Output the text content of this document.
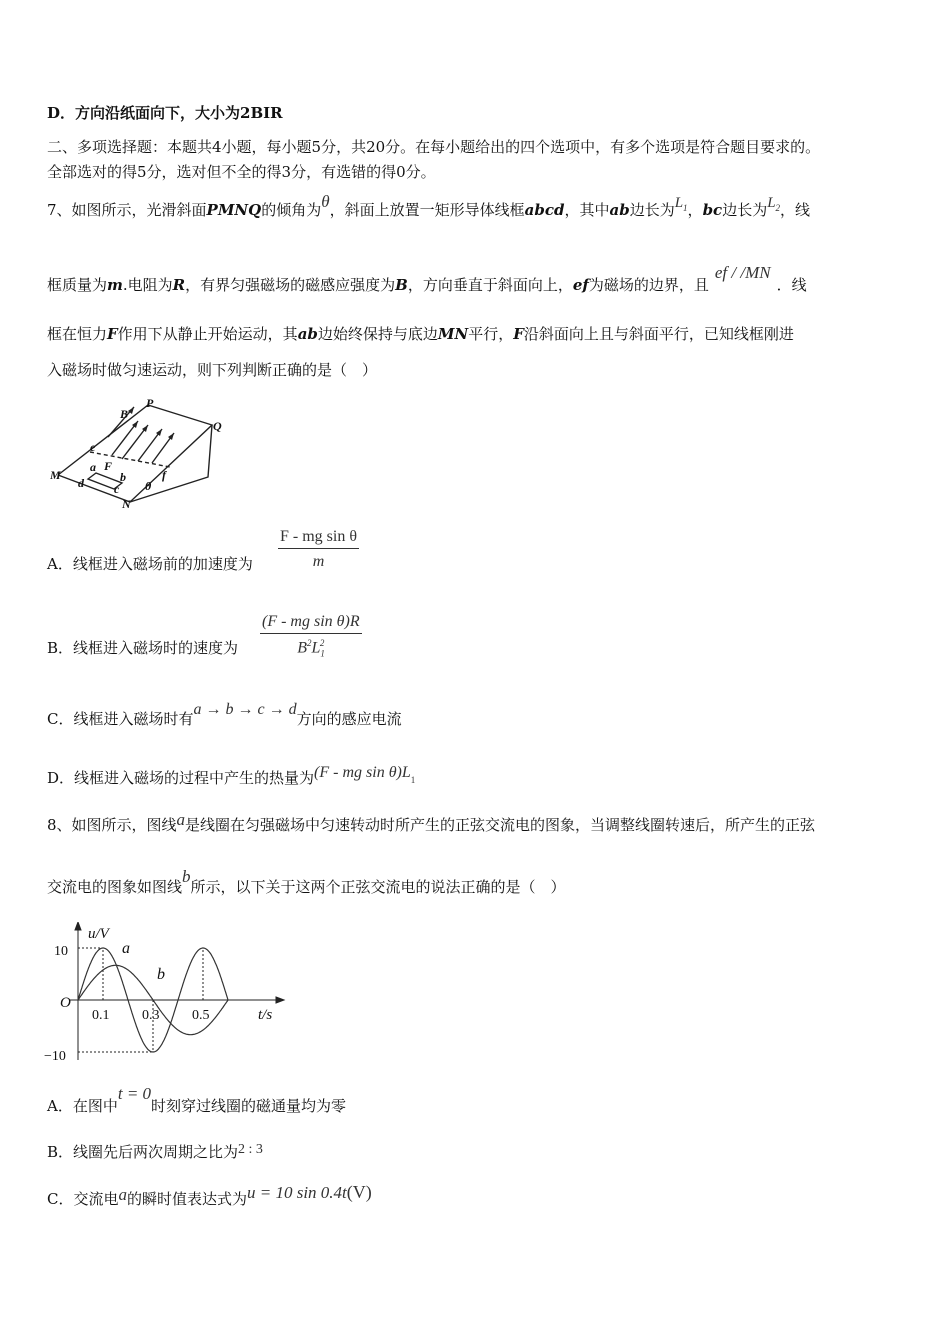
D．方向沿纸面向下，大小为2BIR
二、多项选择题：本题共4小题，每小题5分，共20分。在每小题给出的四个选项中，有多个选项是符合题目要求的。
全部选对的得5分，选对但不全的得3分，有选错的得0分。
7、如图所示，光滑斜面PMNQ的倾角为θ，斜面上放置一矩形导体线框abcd，其中ab边长为$L_1$，bc边长为$L_2$，线
框质量为m.电阻为R，有界匀强磁场的磁感应强度为B，方向垂直于斜面向上，ef为磁场的边界，且ef / /MN．线
框在恒力F作用下从静止开始运动，其ab边始终保持与底边MN平行，F沿斜面向上且与斜面平行，已知线框刚进
入磁场时做匀速运动，则下列判断正确的是（　）
B
P
Q
e
a F
b
M
d	c θ
f
N
A．线框进入磁场前的加速度为 $\frac{\text{F - mg sin θ}}{m}$
B．线框进入磁场时的速度为 $\frac{\text{(F - mg sin θ)R}}{B^2L_1^2}$
C．线框进入磁场时有a → b → c → d方向的感应电流
D．线框进入磁场的过程中产生的热量为(F - mg $\sin \theta)L_1$
8、如图所示，图线a是线圈在匀强磁场中匀速转动时所产生的正弦交流电的图象，当调整线圈转速后，所产生的正弦
交流电的图象如图线b所示，以下关于这两个正弦交流电的说法正确的是（　）
u/V
t/s
O
10
−10
0.1 0.3 0.5
a
b
A．在图中t = 0时刻穿过线圈的磁通量均为零
B．线圈先后两次周期之比为2 : 3
C．交流电a的瞬时值表达式为u = 10 sin 0.4t(V)
